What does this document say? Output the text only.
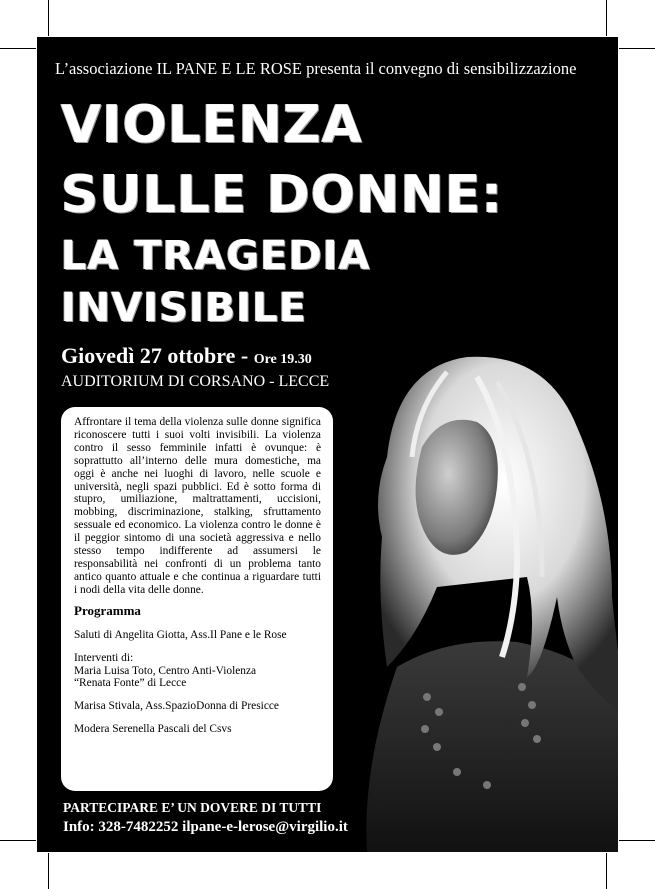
L’associazione IL PANE E LE ROSE presenta il convegno di sensibilizzazione
VIOLENZA
SULLE DONNE:
LA TRAGEDIA
INVISIBILE
Giovedì 27 ottobre - Ore 19.30
AUDITORIUM DI CORSANO - LECCE

Affrontare il tema della violenza sulle donne significa riconoscere tutti i suoi volti invisibili. La violenza contro il sesso femminile infatti è ovunque: è soprattutto all’interno delle mura domestiche, ma oggi è anche nei luoghi di lavoro, nelle scuole e università, negli spazi pubblici. Ed è sotto forma di stupro, umiliazione, maltrattamenti, uccisioni, mobbing, discriminazione, stalking, sfruttamento sessuale ed economico. La violenza contro le donne è il peggior sintomo di una società aggressiva e nello stesso tempo indifferente ad assumersi le responsabilità nei confronti di un problema tanto antico quanto attuale e che continua a riguardare tutti i nodi della vita delle donne.

Programma
Saluti di Angelita Giotta, Ass.Il Pane e le Rose
Interventi di:
Maria Luisa Toto, Centro Anti-Violenza
“Renata Fonte” di Lecce
Marisa Stivala, Ass.SpazioDonna di Presicce
Modera Serenella Pascali del Csvs
PARTECIPARE E’ UN DOVERE DI TUTTI
Info: 328-7482252 ilpane-e-lerose@virgilio.it
